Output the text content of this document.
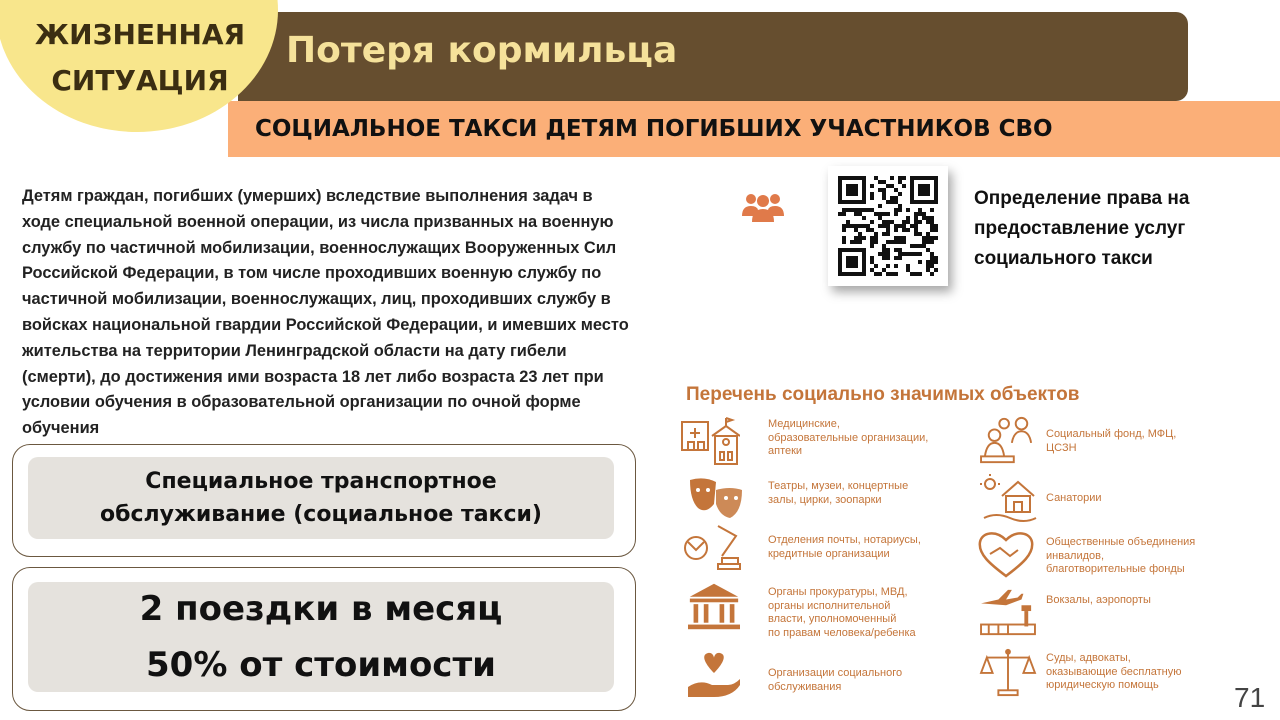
ЖИЗНЕННАЯ
СИТУАЦИЯ
Потеря кормильца
СОЦИАЛЬНОЕ ТАКСИ ДЕТЯМ ПОГИБШИХ УЧАСТНИКОВ СВО
Детям граждан, погибших (умерших) вследствие выполнения задач в
ходе специальной военной операции, из числа призванных на военную
службу по частичной мобилизации, военнослужащих Вооруженных Сил
Российской Федерации, в том числе проходивших военную службу по
частичной мобилизации, военнослужащих, лиц, проходивших службу в
войсках национальной гвардии Российской Федерации, и имевших место
жительства на территории Ленинградской области на дату гибели
(смерти), до достижения ими возраста 18 лет либо возраста 23 лет при
условии обучения в образовательной организации по очной форме
обучения
Специальное транспортное
обслуживание (социальное такси)
2 поездки в месяц
50% от стоимости
Определение права на
предоставление услуг
социального такси
Перечень социально значимых объектов
Медицинские,
образовательные организации,
аптеки
Театры, музеи, концертные
залы, цирки, зоопарки
Отделения почты, нотариусы,
кредитные организации
Органы прокуратуры, МВД,
органы исполнительной
власти, уполномоченный
по правам человека/ребенка
Организации социального
обслуживания
Социальный фонд, МФЦ,
ЦСЗН
Санатории
Общественные объединения
инвалидов,
благотворительные фонды
Вокзалы, аэропорты
Суды, адвокаты,
оказывающие бесплатную
юридическую помощь	71
